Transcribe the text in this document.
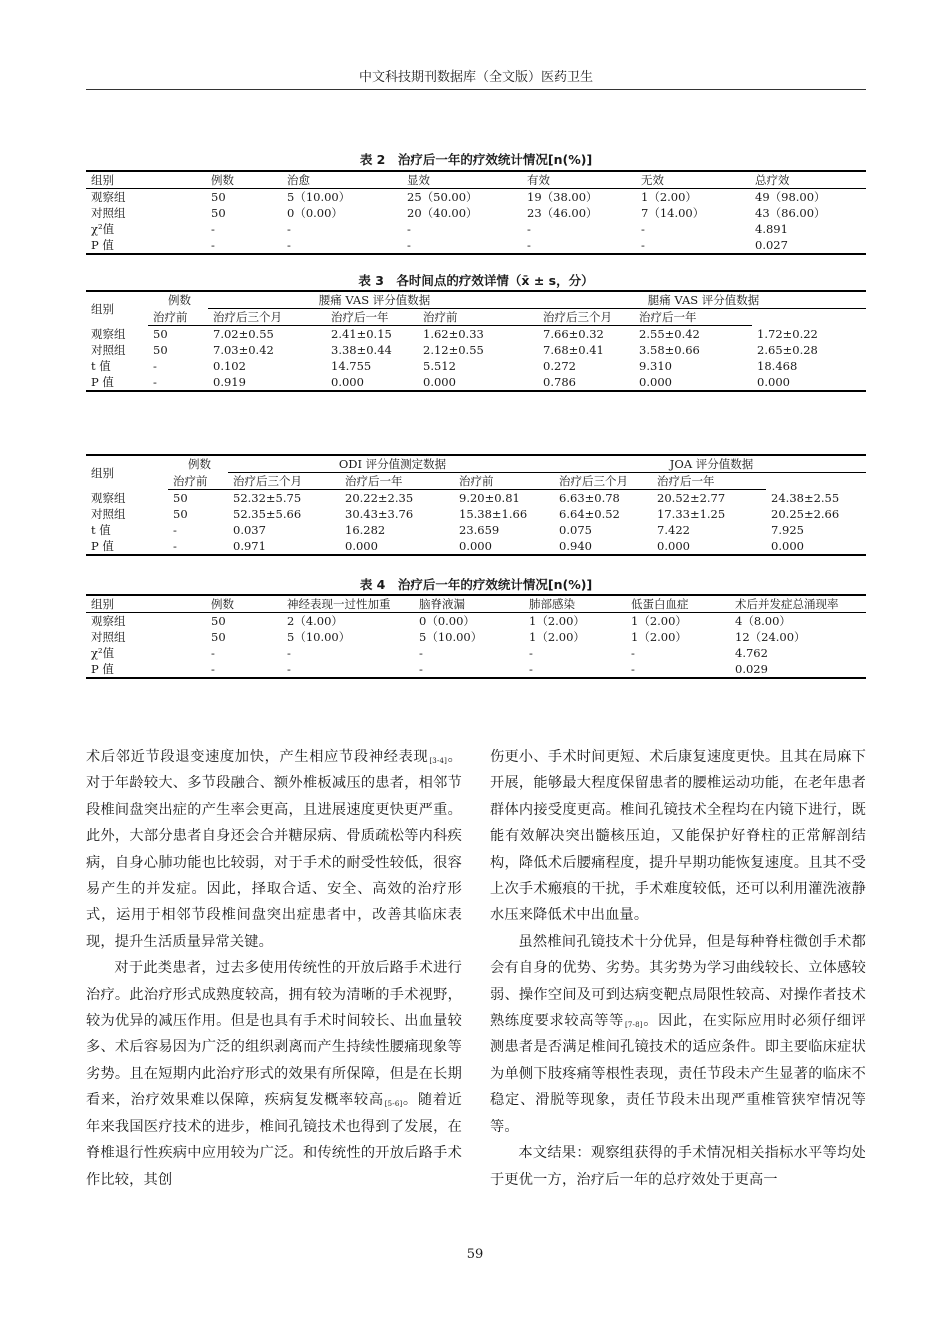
中文科技期刊数据库（全文版）医药卫生
表 2　治疗后一年的疗效统计情况[n(%)]
组别	例数	治愈	显效	有效	无效	总疗效
观察组	50	5（10.00）	25（50.00）	19（38.00）	1（2.00）	49（98.00）
对照组	50	0（0.00）	20（40.00）	23（46.00）	7（14.00）	43（86.00）
χ²值	-	-	-	-	-	4.891
P 值	-	-	-	-	-	0.027
表 3　各时间点的疗效详情（x̄ ± s，分）
组别	例数	腰痛 VAS 评分值数据			腿痛 VAS 评分值数据		
	治疗前	治疗后三个月	治疗后一年	治疗前	治疗后三个月	治疗后一年	
观察组	50	7.02±0.55	2.41±0.15	1.62±0.33	7.66±0.32	2.55±0.42	1.72±0.22
对照组	50	7.03±0.42	3.38±0.44	2.12±0.55	7.68±0.41	3.58±0.66	2.65±0.28
t 值	-	0.102	14.755	5.512	0.272	9.310	18.468
P 值	-	0.919	0.000	0.000	0.786	0.000	0.000
组别	例数	ODI 评分值测定数据			JOA 评分值数据		
	治疗前	治疗后三个月	治疗后一年	治疗前	治疗后三个月	治疗后一年	
观察组	50	52.32±5.75	20.22±2.35	9.20±0.81	6.63±0.78	20.52±2.77	24.38±2.55
对照组	50	52.35±5.66	30.43±3.76	15.38±1.66	6.64±0.52	17.33±1.25	20.25±2.66
t 值	-	0.037	16.282	23.659	0.075	7.422	7.925
P 值	-	0.971	0.000	0.000	0.940	0.000	0.000
表 4　治疗后一年的疗效统计情况[n(%)]
组别	例数	神经表现一过性加重	脑脊液漏	肺部感染	低蛋白血症	术后并发症总涌现率
观察组	50	2（4.00）	0（0.00）	1（2.00）	1（2.00）	4（8.00）
对照组	50	5（10.00）	5（10.00）	1（2.00）	1（2.00）	12（24.00）
χ²值	-	-	-	-	-	4.762
P 值	-	-	-	-	-	0.029

术后邻近节段退变速度加快，产生相应节段神经表现[3-4]。对于年龄较大、多节段融合、额外椎板减压的患者，相邻节段椎间盘突出症的产生率会更高，且进展速度更快更严重。此外，大部分患者自身还会合并糖尿病、骨质疏松等内科疾病，自身心肺功能也比较弱，对于手术的耐受性较低，很容易产生的并发症。因此，择取合适、安全、高效的治疗形式，运用于相邻节段椎间盘突出症患者中，改善其临床表现，提升生活质量异常关键。

对于此类患者，过去多使用传统性的开放后路手术进行治疗。此治疗形式成熟度较高，拥有较为清晰的手术视野，较为优异的减压作用。但是也具有手术时间较长、出血量较多、术后容易因为广泛的组织剥离而产生持续性腰痛现象等劣势。且在短期内此治疗形式的效果有所保障，但是在长期看来，治疗效果难以保障，疾病复发概率较高[5-6]。随着近年来我国医疗技术的进步，椎间孔镜技术也得到了发展，在脊椎退行性疾病中应用较为广泛。和传统性的开放后路手术作比较，其创

伤更小、手术时间更短、术后康复速度更快。且其在局麻下开展，能够最大程度保留患者的腰椎运动功能，在老年患者群体内接受度更高。椎间孔镜技术全程均在内镜下进行，既能有效解决突出髓核压迫，又能保护好脊柱的正常解剖结构，降低术后腰痛程度，提升早期功能恢复速度。且其不受上次手术瘢痕的干扰，手术难度较低，还可以利用灌洗液静水压来降低术中出血量。

虽然椎间孔镜技术十分优异，但是每种脊柱微创手术都会有自身的优势、劣势。其劣势为学习曲线较长、立体感较弱、操作空间及可到达病变靶点局限性较高、对操作者技术熟练度要求较高等等[7-8]。因此，在实际应用时必须仔细评测患者是否满足椎间孔镜技术的适应条件。即主要临床症状为单侧下肢疼痛等根性表现，责任节段未产生显著的临床不稳定、滑脱等现象，责任节段未出现严重椎管狭窄情况等等。

本文结果：观察组获得的手术情况相关指标水平等均处于更优一方，治疗后一年的总疗效处于更高一

59
